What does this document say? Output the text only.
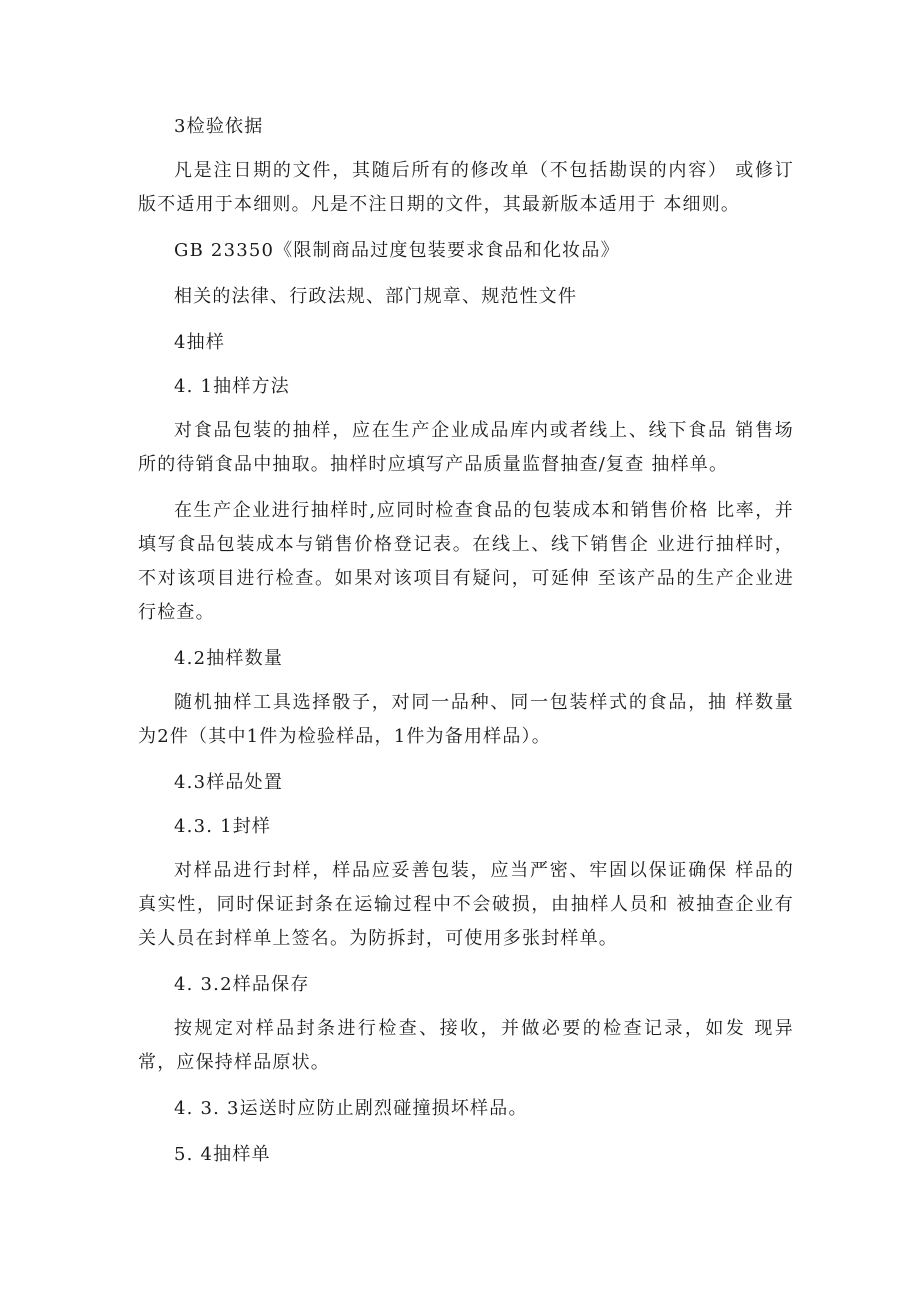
3检验依据

凡是注日期的文件，其随后所有的修改单（不包括勘误的内容） 或修订版不适用于本细则。凡是不注日期的文件，其最新版本适用于 本细则。

GB 23350《限制商品过度包装要求食品和化妆品》

相关的法律、行政法规、部门规章、规范性文件

4抽样

4. 1抽样方法

对食品包装的抽样，应在生产企业成品库内或者线上、线下食品 销售场所的待销食品中抽取。抽样时应填写产品质量监督抽查/复查 抽样单。

在生产企业进行抽样时,应同时检查食品的包装成本和销售价格 比率，并填写食品包装成本与销售价格登记表。在线上、线下销售企 业进行抽样时，不对该项目进行检查。如果对该项目有疑问，可延伸 至该产品的生产企业进行检查。

4.2抽样数量

随机抽样工具选择骰子，对同一品种、同一包装样式的食品，抽 样数量为2件（其中1件为检验样品，1件为备用样品）。

4.3样品处置

4.3. 1封样

对样品进行封样，样品应妥善包装，应当严密、牢固以保证确保 样品的真实性，同时保证封条在运输过程中不会破损，由抽样人员和 被抽查企业有关人员在封样单上签名。为防拆封，可使用多张封样单。

4. 3.2样品保存

按规定对样品封条进行检查、接收，并做必要的检查记录，如发 现异常，应保持样品原状。

4. 3. 3运送时应防止剧烈碰撞损坏样品。

5. 4抽样单
